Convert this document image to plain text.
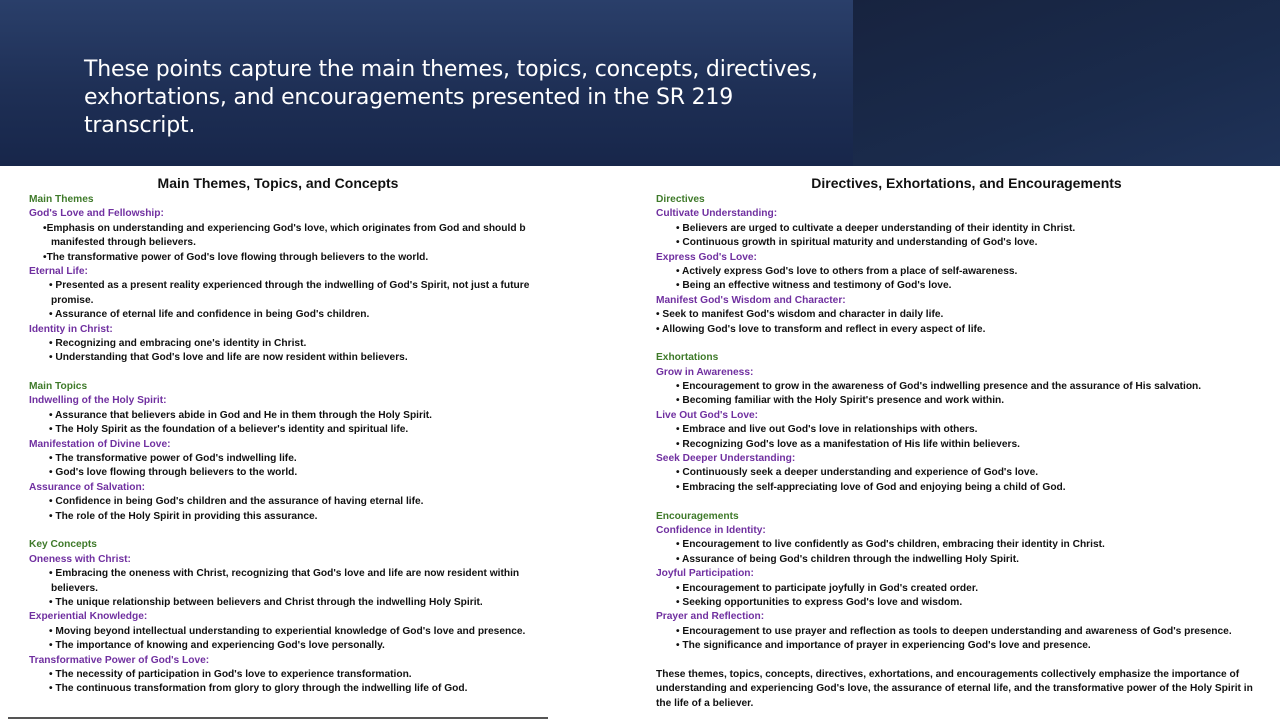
These points capture the main themes, topics, concepts, directives,
exhortations, and encouragements presented in the SR 219 transcript.
Main Themes, Topics, and Concepts
Main Themes
God's Love and Fellowship:
•Emphasis on understanding and experiencing God's love, which originates from God and should b
manifested through believers.
•The transformative power of God's love flowing through believers to the world.
Eternal Life:
• Presented as a present reality experienced through the indwelling of God's Spirit, not just a future
promise.
• Assurance of eternal life and confidence in being God's children.
Identity in Christ:
• Recognizing and embracing one's identity in Christ.
• Understanding that God's love and life are now resident within believers.
Main Topics
Indwelling of the Holy Spirit:
• Assurance that believers abide in God and He in them through the Holy Spirit.
• The Holy Spirit as the foundation of a believer's identity and spiritual life.
Manifestation of Divine Love:
• The transformative power of God's indwelling life.
• God's love flowing through believers to the world.
Assurance of Salvation:
• Confidence in being God's children and the assurance of having eternal life.
• The role of the Holy Spirit in providing this assurance.
Key Concepts
Oneness with Christ:
• Embracing the oneness with Christ, recognizing that God's love and life are now resident within
believers.
• The unique relationship between believers and Christ through the indwelling Holy Spirit.
Experiential Knowledge:
• Moving beyond intellectual understanding to experiential knowledge of God's love and presence.
• The importance of knowing and experiencing God's love personally.
Transformative Power of God's Love:
• The necessity of participation in God's love to experience transformation.
• The continuous transformation from glory to glory through the indwelling life of God.
Directives, Exhortations, and Encouragements
Directives
Cultivate Understanding:
• Believers are urged to cultivate a deeper understanding of their identity in Christ.
• Continuous growth in spiritual maturity and understanding of God's love.
Express God's Love:
• Actively express God's love to others from a place of self-awareness.
• Being an effective witness and testimony of God's love.
Manifest God's Wisdom and Character:
• Seek to manifest God's wisdom and character in daily life.
• Allowing God's love to transform and reflect in every aspect of life.
Exhortations
Grow in Awareness:
• Encouragement to grow in the awareness of God's indwelling presence and the assurance of His salvation.
• Becoming familiar with the Holy Spirit's presence and work within.
Live Out God's Love:
• Embrace and live out God's love in relationships with others.
• Recognizing God's love as a manifestation of His life within believers.
Seek Deeper Understanding:
• Continuously seek a deeper understanding and experience of God's love.
• Embracing the self-appreciating love of God and enjoying being a child of God.
Encouragements
Confidence in Identity:
• Encouragement to live confidently as God's children, embracing their identity in Christ.
• Assurance of being God's children through the indwelling Holy Spirit.
Joyful Participation:
• Encouragement to participate joyfully in God's created order.
• Seeking opportunities to express God's love and wisdom.
Prayer and Reflection:
• Encouragement to use prayer and reflection as tools to deepen understanding and awareness of God's presence.
• The significance and importance of prayer in experiencing God's love and presence.
These themes, topics, concepts, directives, exhortations, and encouragements collectively emphasize the importance of
understanding and experiencing God's love, the assurance of eternal life, and the transformative power of the Holy Spirit in
the life of a believer.
